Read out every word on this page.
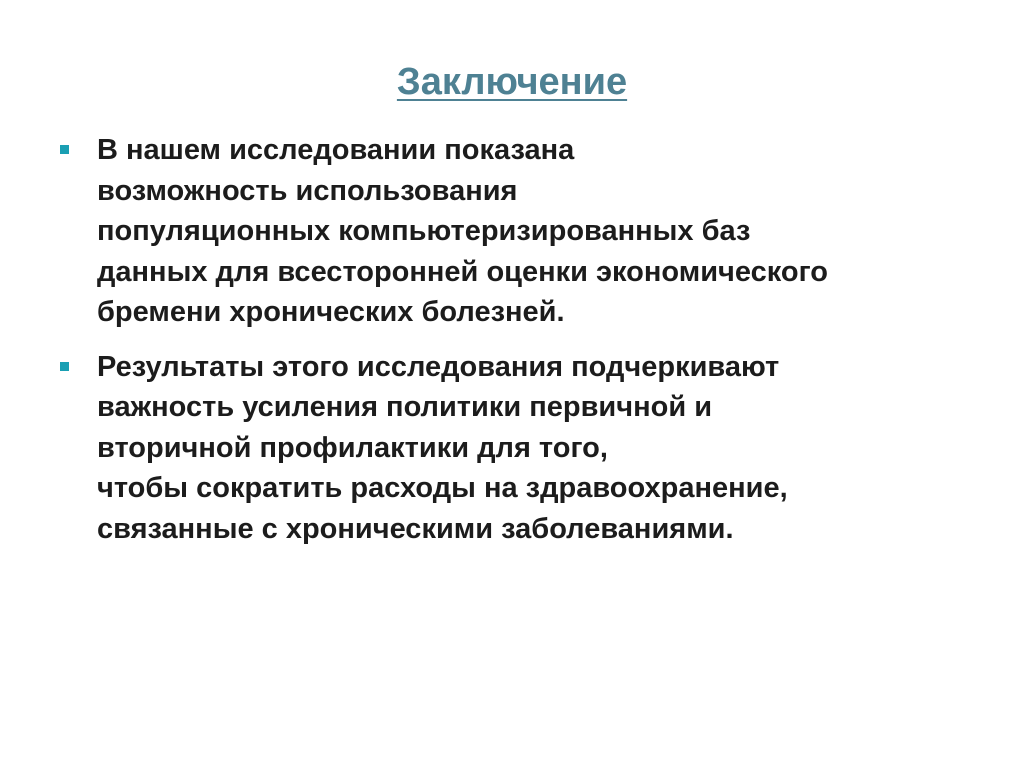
Заключение
В нашем исследовании показана
возможность использования
популяционных компьютеризированных баз
данных для всесторонней оценки экономического
бремени хронических болезней.
Результаты этого исследования подчеркивают
важность усиления политики первичной и
вторичной профилактики для того,
чтобы сократить расходы на здравоохранение,
связанные с хроническими заболеваниями.
